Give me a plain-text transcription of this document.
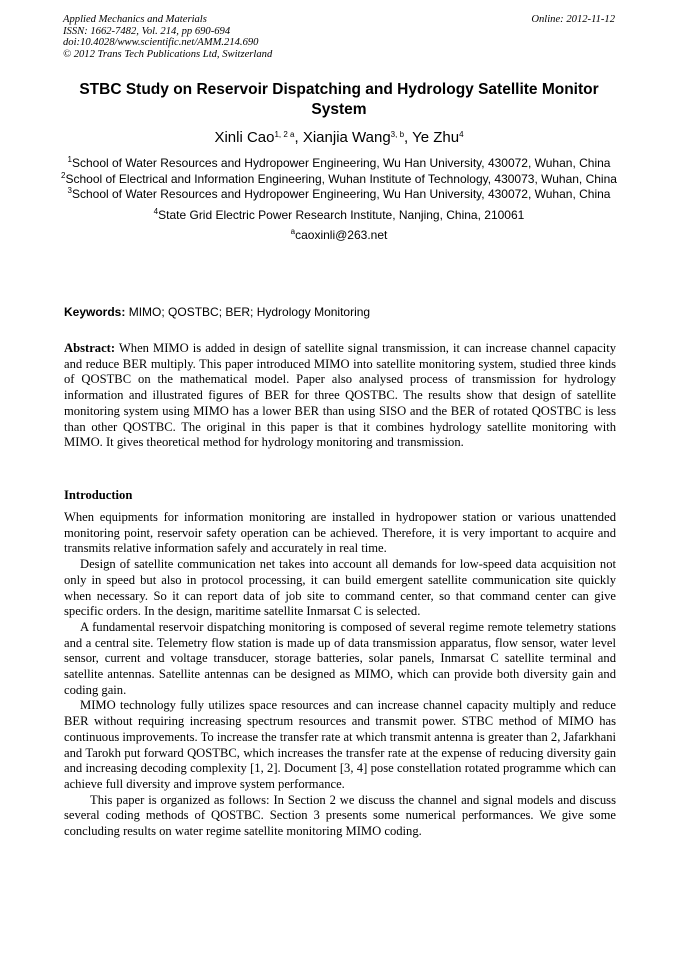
Applied Mechanics and Materials
ISSN: 1662-7482, Vol. 214, pp 690-694
doi:10.4028/www.scientific.net/AMM.214.690
© 2012 Trans Tech Publications Ltd, Switzerland
Online: 2012-11-12
STBC Study on Reservoir Dispatching and Hydrology Satellite Monitor System
Xinli Cao$^{1, 2 a}$, Xianjia Wang$^{3, b}$, Ye Zhu$^4$

$^1$School of Water Resources and Hydropower Engineering, Wu Han University, 430072, Wuhan, China

$^2$School of Electrical and Information Engineering, Wuhan Institute of Technology, 430073, Wuhan, China

$^3$School of Water Resources and Hydropower Engineering, Wu Han University, 430072, Wuhan, China

$^4$State Grid Electric Power Research Institute, Nanjing, China, 210061

$^a$caoxinli@263.net

Keywords: MIMO; QOSTBC; BER; Hydrology Monitoring

Abstract: When MIMO is added in design of satellite signal transmission, it can increase channel capacity and reduce BER multiply. This paper introduced MIMO into satellite monitoring system, studied three kinds of QOSTBC on the mathematical model. Paper also analysed process of transmission for hydrology information and illustrated figures of BER for three QOSTBC. The results show that design of satellite monitoring system using MIMO has a lower BER than using SISO and the BER of rotated QOSTBC is less than other QOSTBC. The original in this paper is that it combines hydrology satellite monitoring with MIMO. It gives theoretical method for hydrology monitoring and transmission.

Introduction

When equipments for information monitoring are installed in hydropower station or various unattended monitoring point, reservoir safety operation can be achieved. Therefore, it is very important to acquire and transmits relative information safely and accurately in real time.

Design of satellite communication net takes into account all demands for low-speed data acquisition not only in speed but also in protocol processing, it can build emergent satellite communication site quickly when necessary. So it can report data of job site to command center, so that command center can give specific orders. In the design, maritime satellite Inmarsat C is selected.

A fundamental reservoir dispatching monitoring is composed of several regime remote telemetry stations and a central site. Telemetry flow station is made up of data transmission apparatus, flow sensor, water level sensor, current and voltage transducer, storage batteries, solar panels, Inmarsat C satellite terminal and satellite antennas. Satellite antennas can be designed as MIMO, which can provide both diversity gain and coding gain.

MIMO technology fully utilizes space resources and can increase channel capacity multiply and reduce BER without requiring increasing spectrum resources and transmit power. STBC method of MIMO has continuous improvements. To increase the transfer rate at which transmit antenna is greater than 2, Jafarkhani and Tarokh put forward QOSTBC, which increases the transfer rate at the expense of reducing diversity gain and increasing decoding complexity [1, 2]. Document [3, 4] pose constellation rotated programme which can achieve full diversity and improve system performance.

This paper is organized as follows: In Section 2 we discuss the channel and signal models and discuss several coding methods of QOSTBC. Section 3 presents some numerical performances. We give some concluding results on water regime satellite monitoring MIMO coding.
